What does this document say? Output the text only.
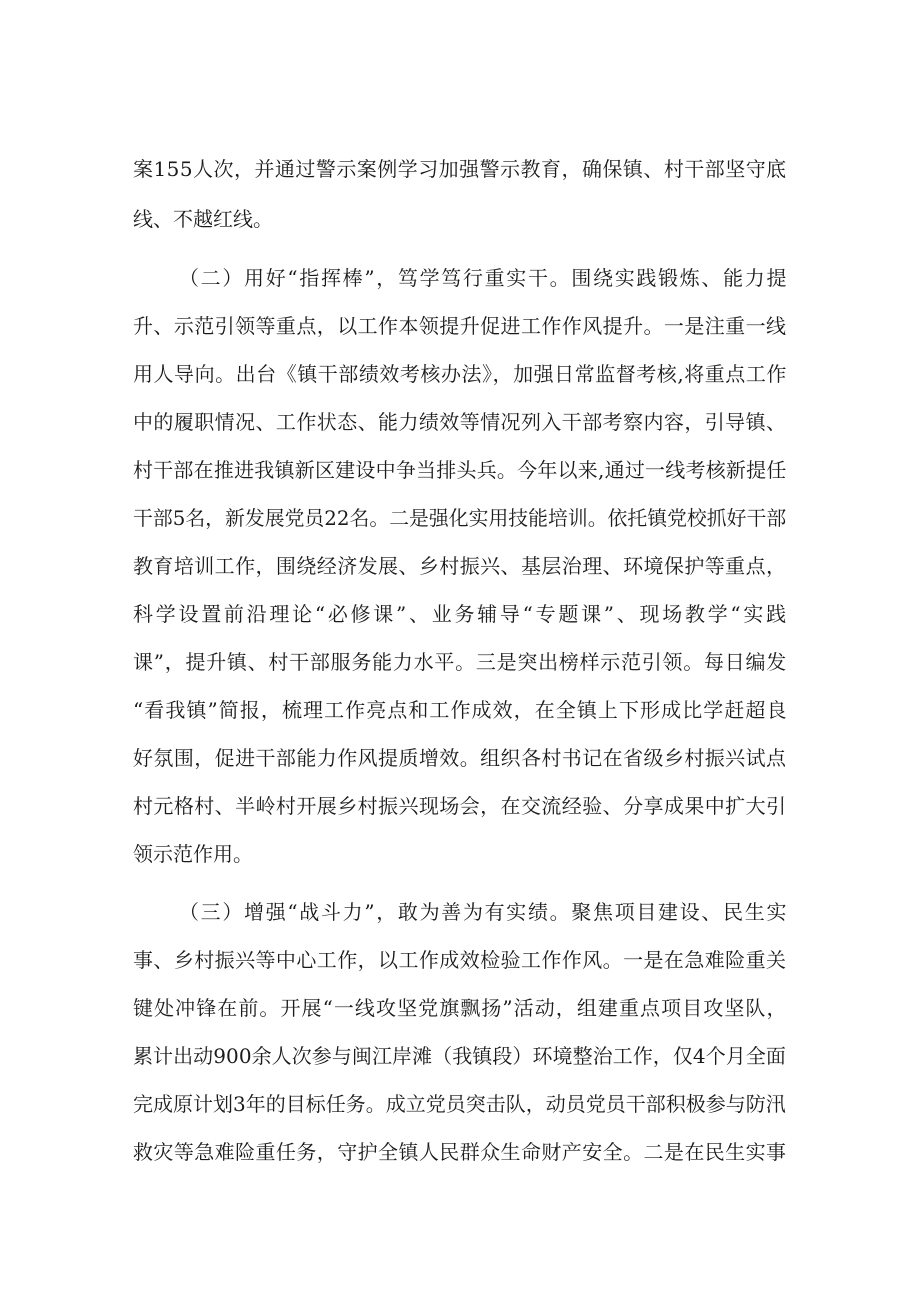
案155人次，并通过警示案例学习加强警示教育，确保镇、村干部坚守底
线、不越红线。
（二）用好“指挥棒”，笃学笃行重实干。围绕实践锻炼、能力提
升、示范引领等重点，以工作本领提升促进工作作风提升。一是注重一线
用人导向。出台《镇干部绩效考核办法》，加强日常监督考核,将重点工作
中的履职情况、工作状态、能力绩效等情况列入干部考察内容，引导镇、
村干部在推进我镇新区建设中争当排头兵。今年以来,通过一线考核新提任
干部5名，新发展党员22名。二是强化实用技能培训。依托镇党校抓好干部
教育培训工作，围绕经济发展、乡村振兴、基层治理、环境保护等重点，
科学设置前沿理论“必修课”、业务辅导“专题课”、现场教学“实践
课”，提升镇、村干部服务能力水平。三是突出榜样示范引领。每日编发
“看我镇”简报，梳理工作亮点和工作成效，在全镇上下形成比学赶超良
好氛围，促进干部能力作风提质增效。组织各村书记在省级乡村振兴试点
村元格村、半岭村开展乡村振兴现场会，在交流经验、分享成果中扩大引
领示范作用。
（三）增强“战斗力”，敢为善为有实绩。聚焦项目建设、民生实
事、乡村振兴等中心工作，以工作成效检验工作作风。一是在急难险重关
键处冲锋在前。开展“一线攻坚党旗飘扬”活动，组建重点项目攻坚队，
累计出动900余人次参与闽江岸滩（我镇段）环境整治工作，仅4个月全面
完成原计划3年的目标任务。成立党员突击队，动员党员干部积极参与防汛
救灾等急难险重任务，守护全镇人民群众生命财产安全。二是在民生实事
